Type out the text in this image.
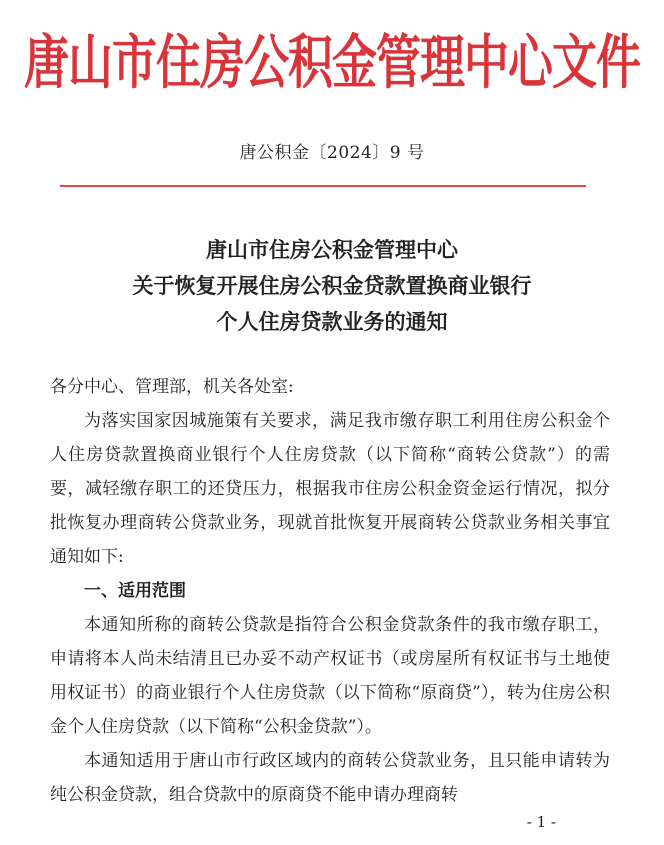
唐山市住房公积金管理中心文件
唐公积金〔2024〕9 号
唐山市住房公积金管理中心
关于恢复开展住房公积金贷款置换商业银行
个人住房贷款业务的通知

各分中心、管理部，机关各处室:

为落实国家因城施策有关要求，满足我市缴存职工利用住房公积金个人住房贷款置换商业银行个人住房贷款（以下简称“商转公贷款”）的需要，减轻缴存职工的还贷压力，根据我市住房公积金资金运行情况，拟分批恢复办理商转公贷款业务，现就首批恢复开展商转公贷款业务相关事宜通知如下:

一、适用范围

本通知所称的商转公贷款是指符合公积金贷款条件的我市缴存职工，申请将本人尚未结清且已办妥不动产权证书（或房屋所有权证书与土地使用权证书）的商业银行个人住房贷款（以下简称“原商贷”），转为住房公积金个人住房贷款（以下简称“公积金贷款”）。

本通知适用于唐山市行政区域内的商转公贷款业务，且只能申请转为纯公积金贷款，组合贷款中的原商贷不能申请办理商转

- 1 -
